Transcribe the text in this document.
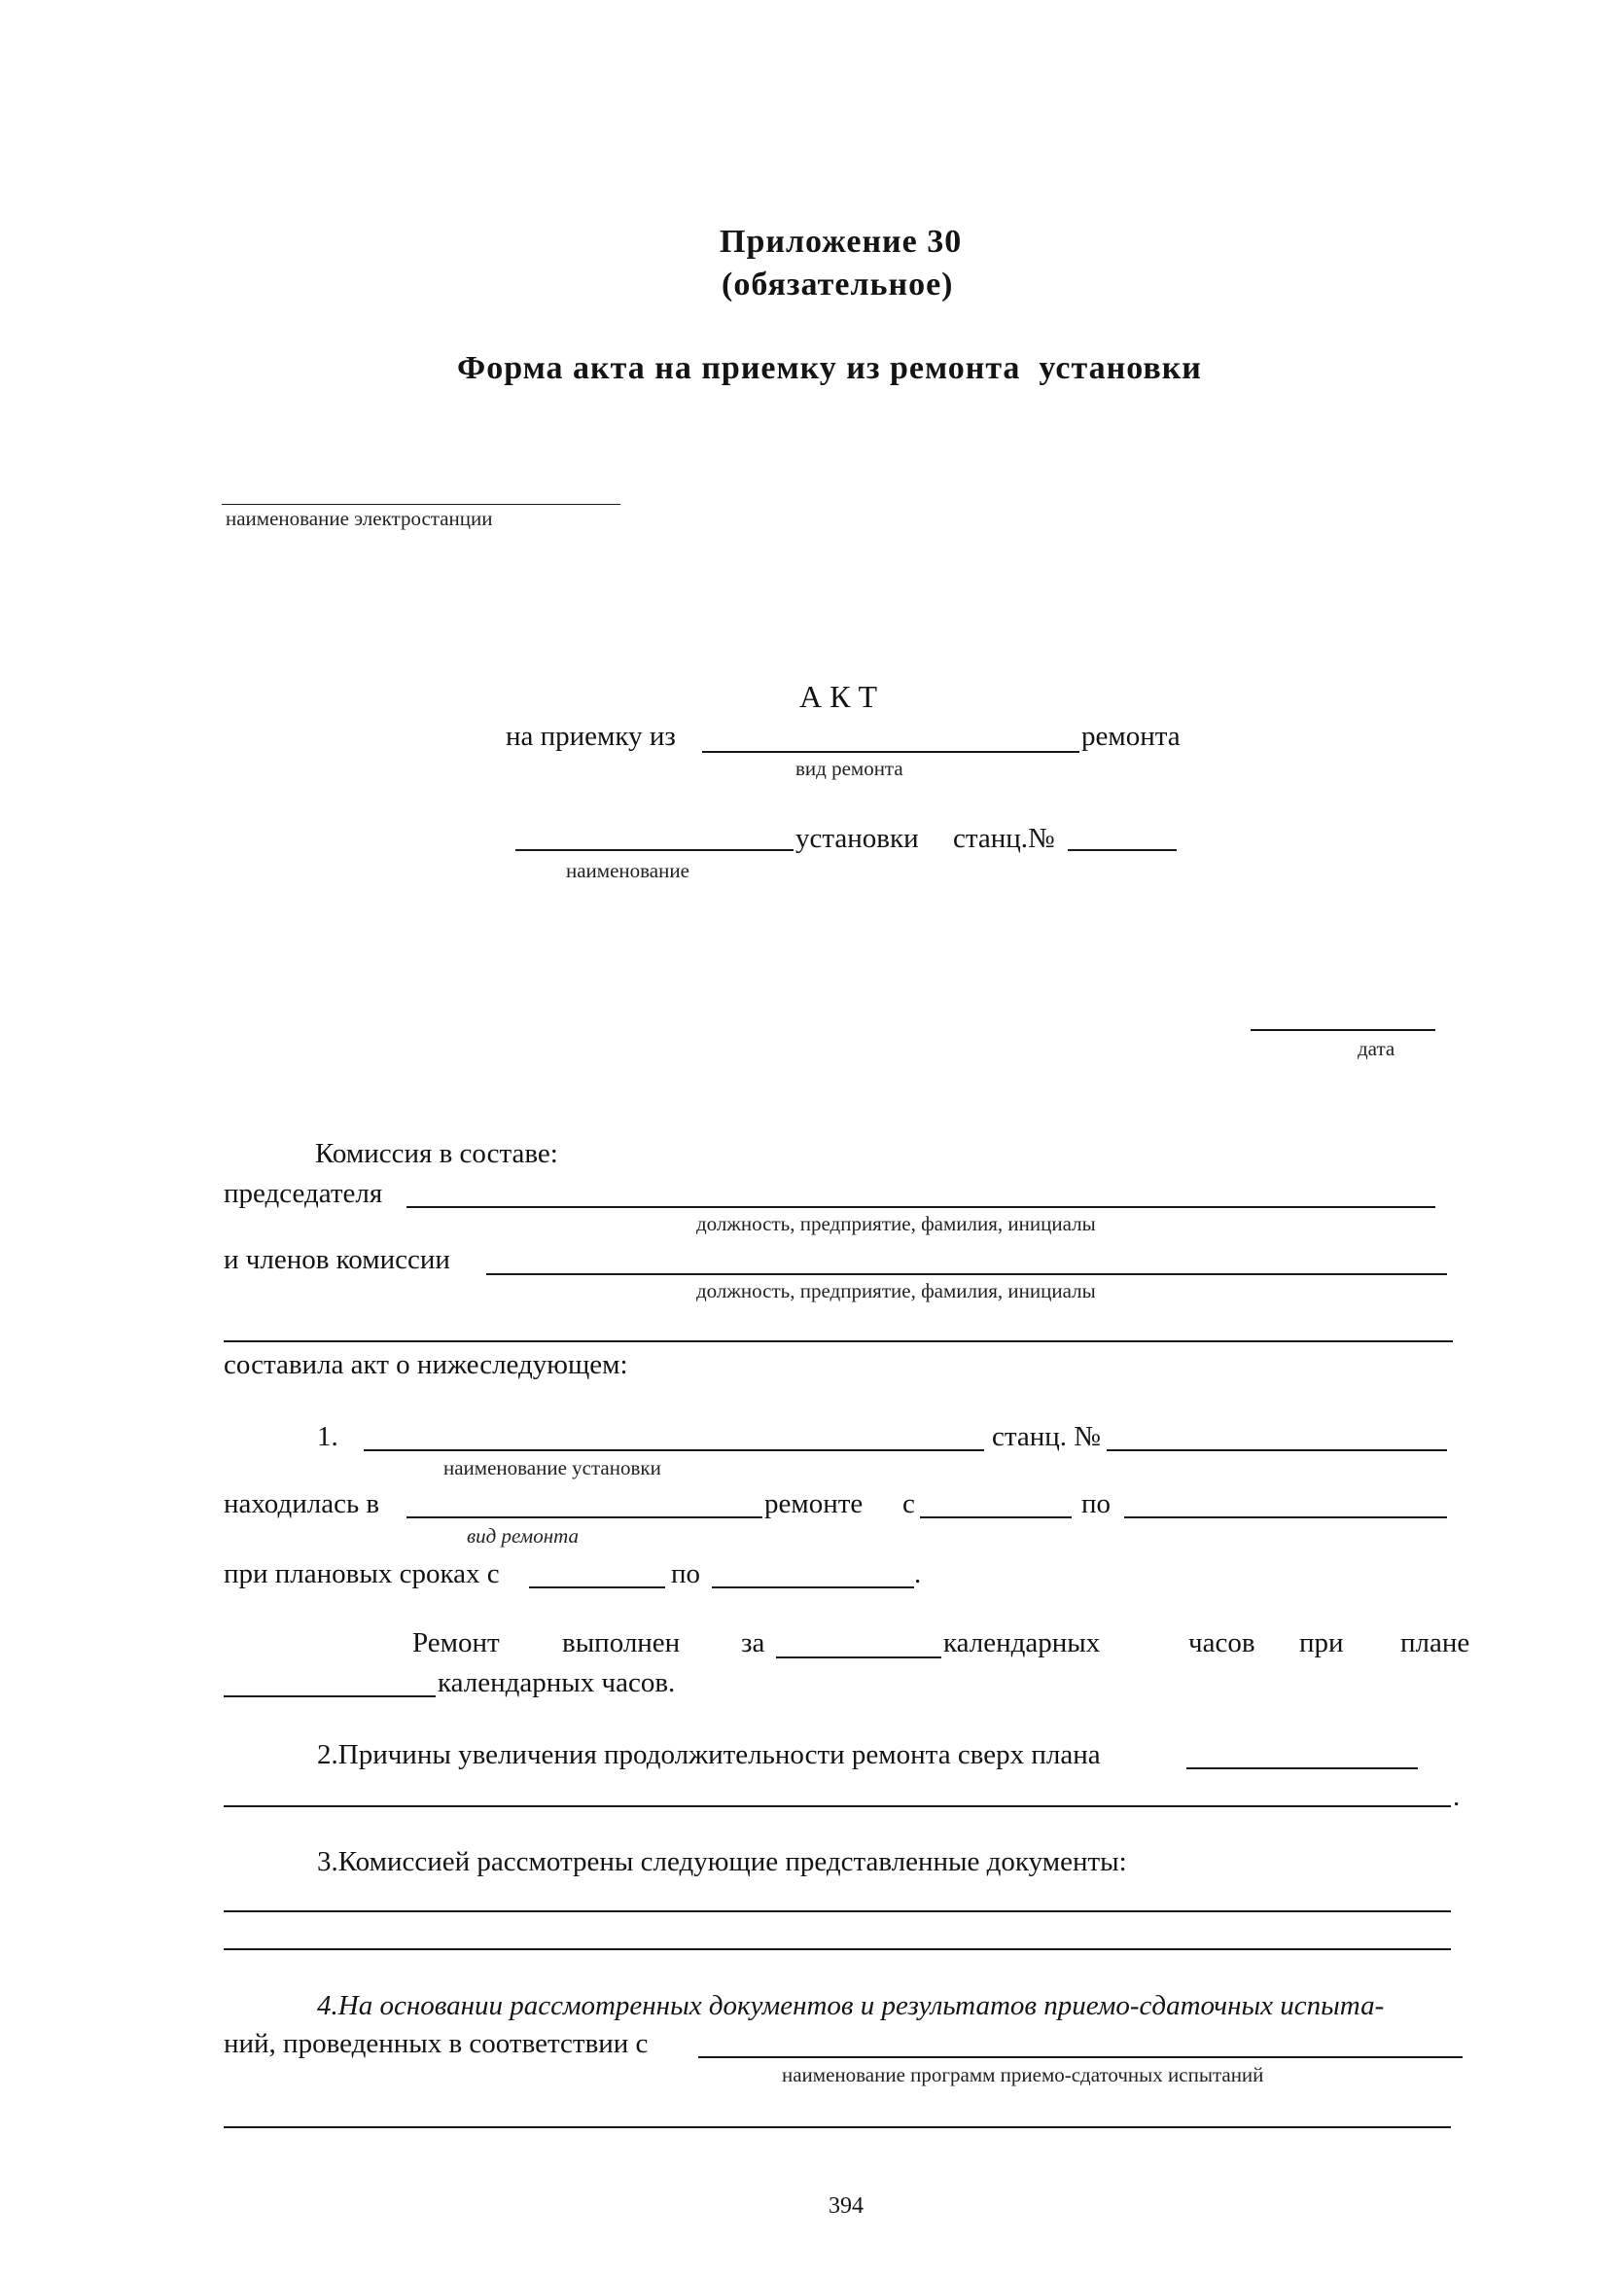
Приложение 30
(обязательное)
Форма акта на приемку из ремонта  установки
наименование электростанции
А К Т
на приемку из	ремонта
вид ремонта
установки станц.№
наименование
дата
Комиссия в составе:
председателя
должность, предприятие, фамилия, инициалы
и членов комиссии
должность, предприятие, фамилия, инициалы
составила акт о нижеследующем:
1.	станц. №
наименование установки
находилась в	ремонте с	по
вид ремонта
при плановых сроках с	по	.
Ремонт выполнен за	календарных	часов при плане
календарных часов.
2.Причины увеличения продолжительности ремонта сверх плана
.
3.Комиссией рассмотрены следующие представленные документы:
4.На основании рассмотренных документов и результатов приемо-сдаточных испыта-
ний, проведенных в соответствии с
наименование программ приемо-сдаточных испытаний
394
